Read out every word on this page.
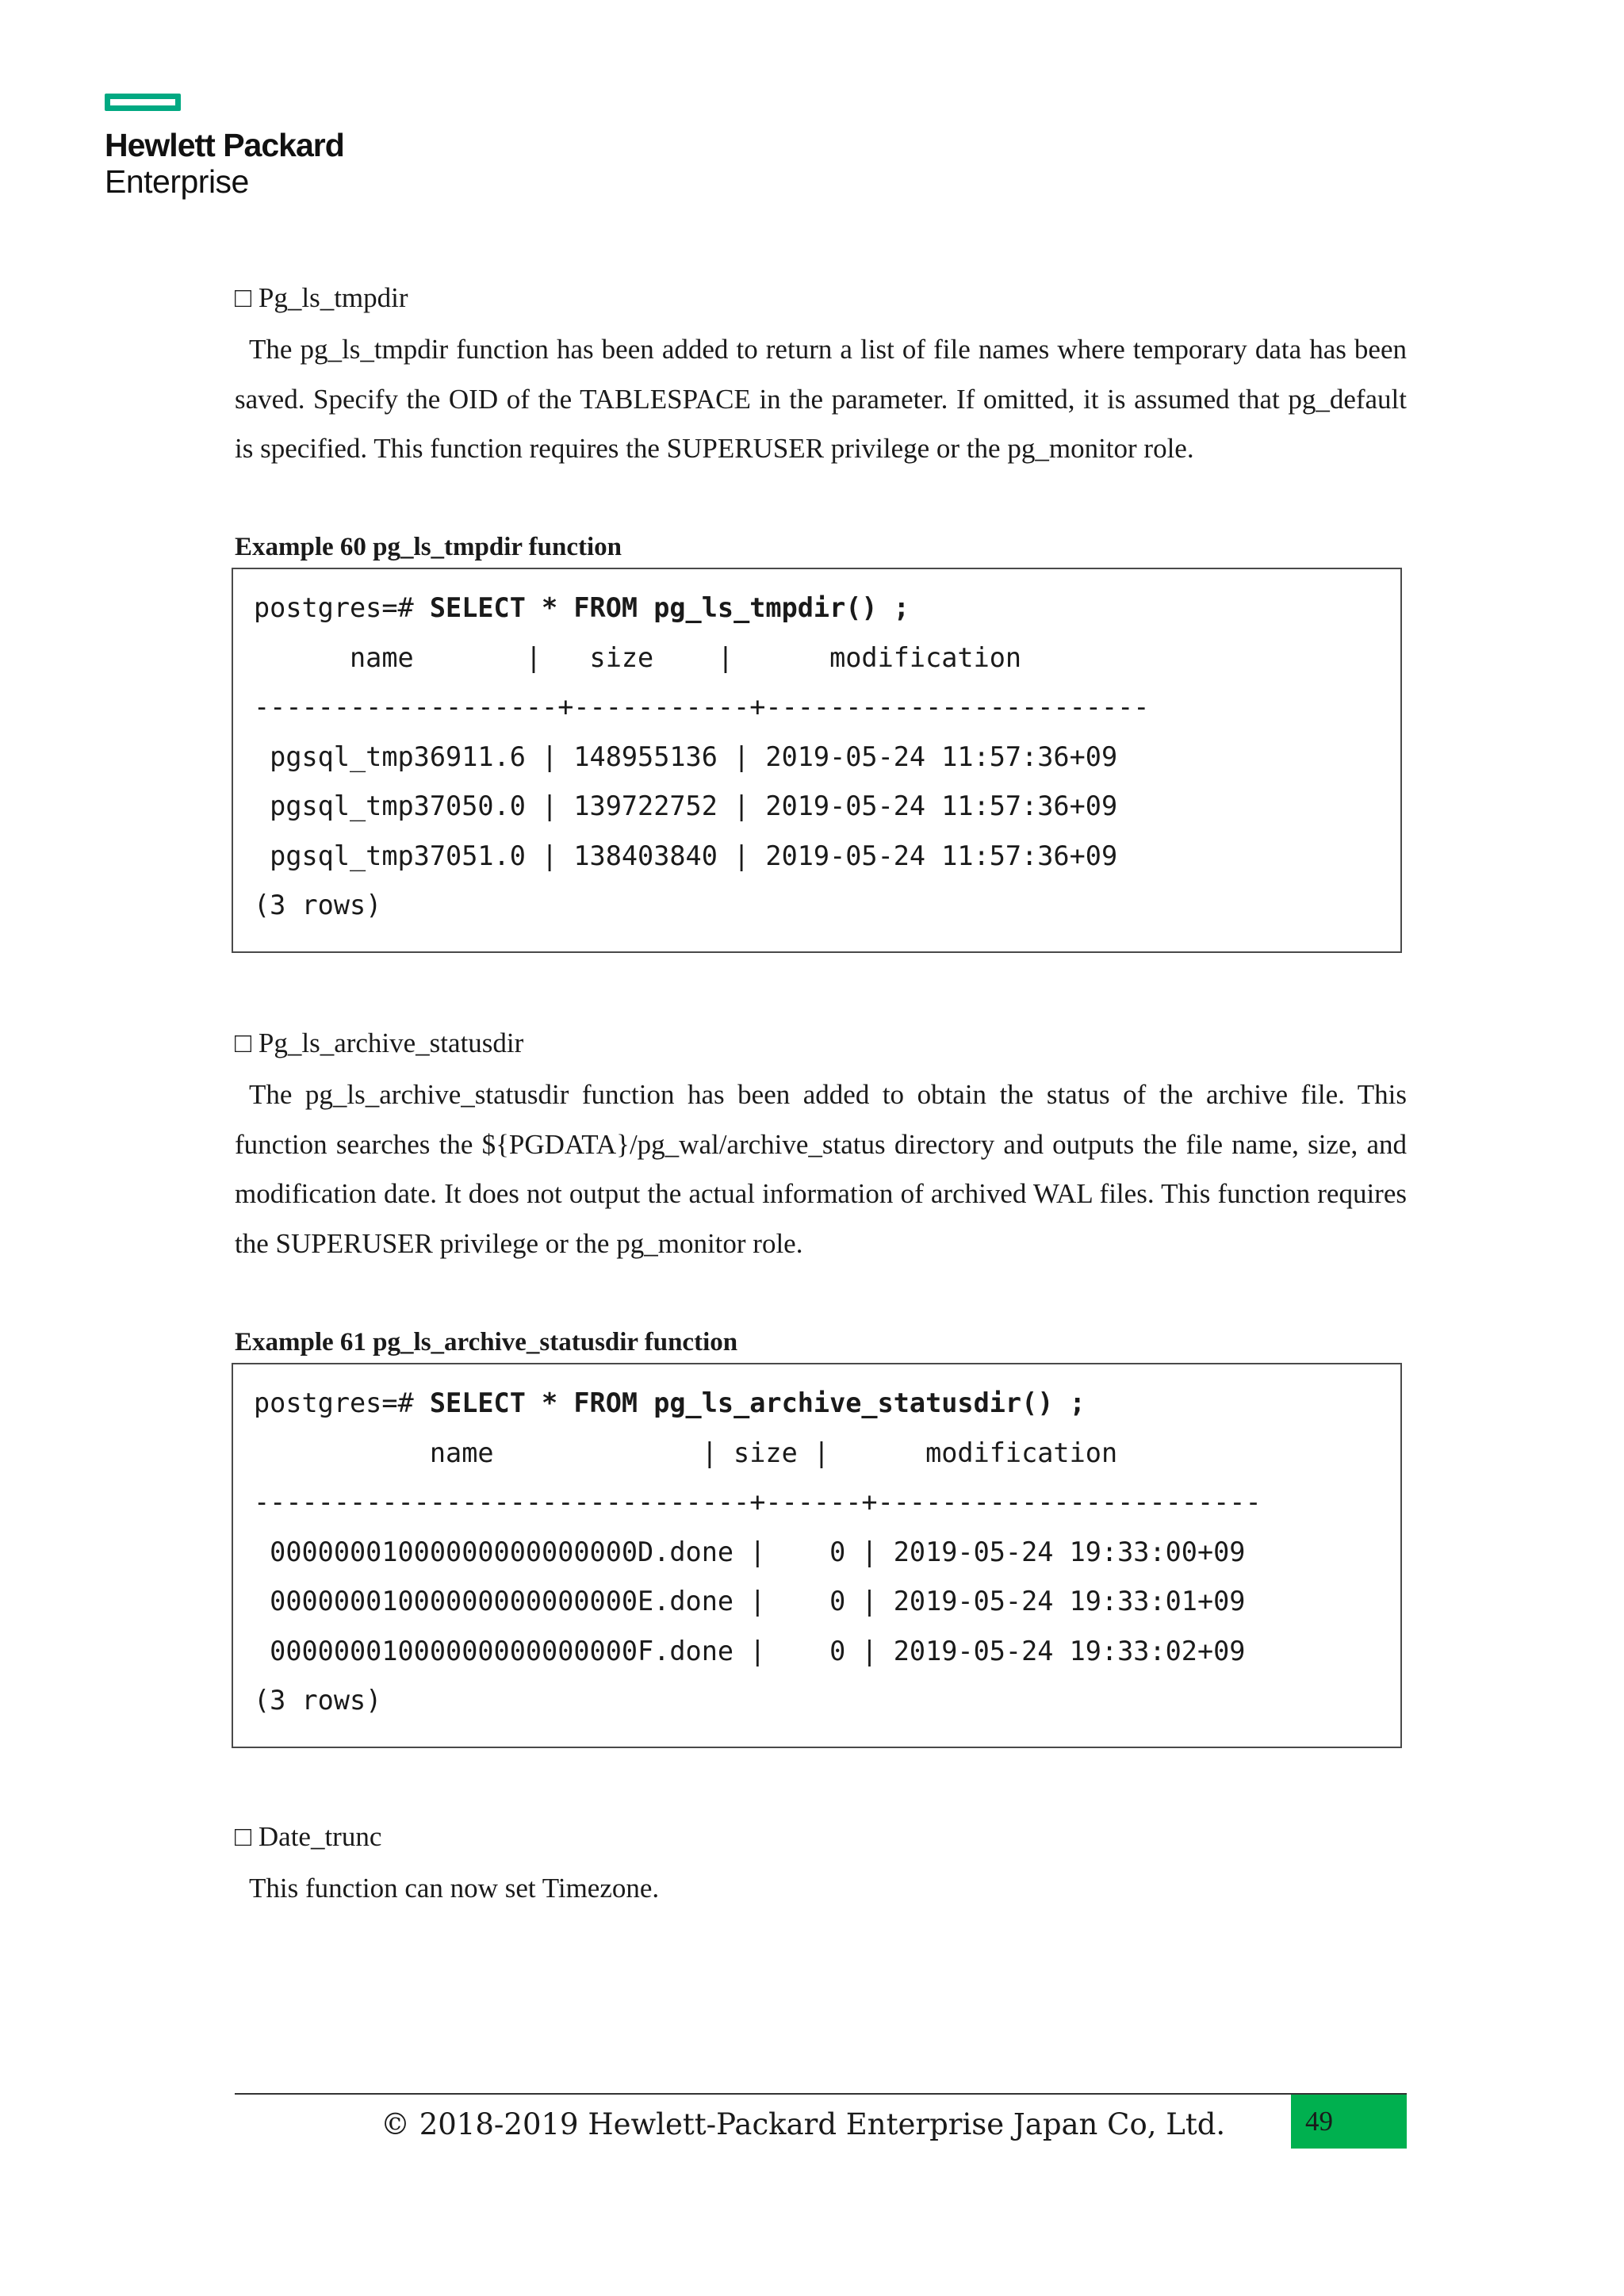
Hewlett Packard
Enterprise
□ Pg_ls_tmpdir

The pg_ls_tmpdir function has been added to return a list of file names where temporary data has been saved. Specify the OID of the TABLESPACE in the parameter. If omitted, it is assumed that pg_default is specified. This function requires the SUPERUSER privilege or the pg_monitor role.

Example 60 pg_ls_tmpdir function
postgres=# SELECT * FROM pg_ls_tmpdir() ;
name       |   size    |      modification
-------------------+-----------+------------------------
pgsql_tmp36911.6 | 148955136 | 2019-05-24 11:57:36+09
pgsql_tmp37050.0 | 139722752 | 2019-05-24 11:57:36+09
pgsql_tmp37051.0 | 138403840 | 2019-05-24 11:57:36+09
(3 rows)
□ Pg_ls_archive_statusdir

The pg_ls_archive_statusdir function has been added to obtain the status of the archive file. This function searches the ${PGDATA}/pg_wal/archive_status directory and outputs the file name, size, and modification date. It does not output the actual information of archived WAL files. This function requires the SUPERUSER privilege or the pg_monitor role.

Example 61 pg_ls_archive_statusdir function
postgres=# SELECT * FROM pg_ls_archive_statusdir() ;
name             | size |      modification
-------------------------------+------+------------------------
00000001000000000000000D.done |    0 | 2019-05-24 19:33:00+09
00000001000000000000000E.done |    0 | 2019-05-24 19:33:01+09
00000001000000000000000F.done |    0 | 2019-05-24 19:33:02+09
(3 rows)
□ Date_trunc

This function can now set Timezone.

© 2018-2019 Hewlett-Packard Enterprise Japan Co, Ltd.	49
